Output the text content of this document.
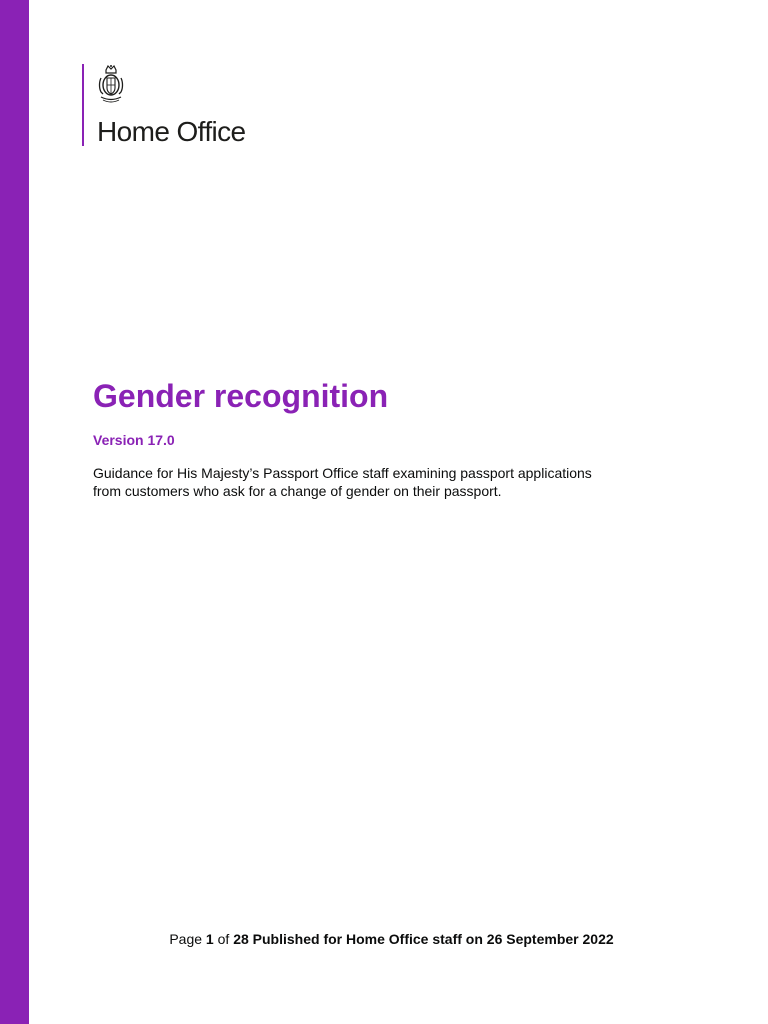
Home Office
Gender recognition
Version 17.0

Guidance for His Majesty’s Passport Office staff examining passport applications
from customers who ask for a change of gender on their passport.

Page 1 of 28 Published for Home Office staff on 26 September 2022
